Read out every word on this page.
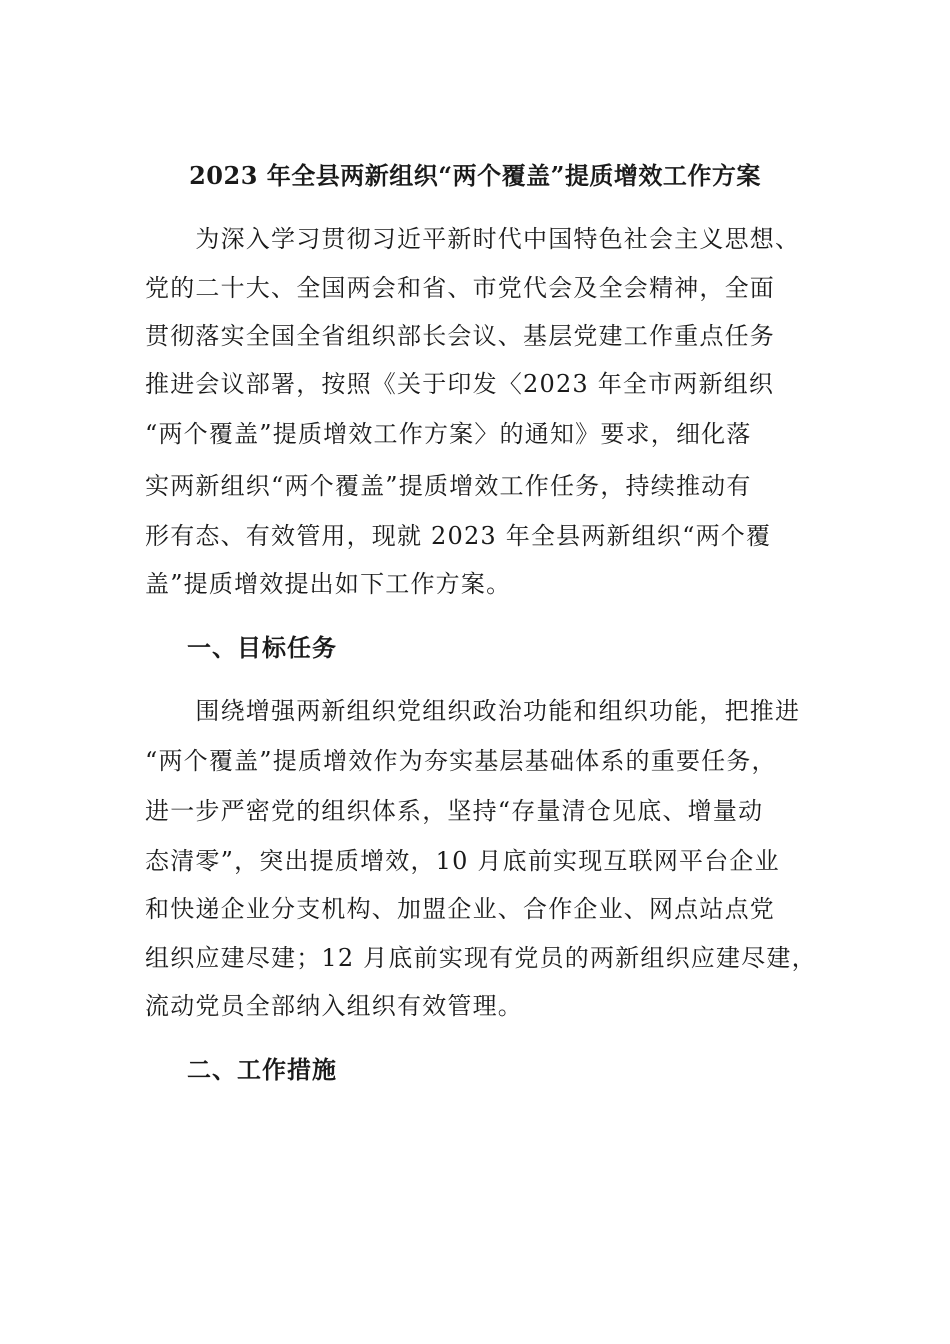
2023 年全县两新组织“两个覆盖”提质增效工作方案
　　为深入学习贯彻习近平新时代中国特色社会主义思想、
党的二十大、全国两会和省、市党代会及全会精神，全面
贯彻落实全国全省组织部长会议、基层党建工作重点任务
推进会议部署，按照《关于印发〈2023 年全市两新组织
“两个覆盖”提质增效工作方案〉的通知》要求，细化落
实两新组织“两个覆盖”提质增效工作任务，持续推动有
形有态、有效管用，现就 2023 年全县两新组织“两个覆
盖”提质增效提出如下工作方案。
一、目标任务
　　围绕增强两新组织党组织政治功能和组织功能，把推进
“两个覆盖”提质增效作为夯实基层基础体系的重要任务，
进一步严密党的组织体系，坚持“存量清仓见底、增量动
态清零”，突出提质增效，10 月底前实现互联网平台企业
和快递企业分支机构、加盟企业、合作企业、网点站点党
组织应建尽建；12 月底前实现有党员的两新组织应建尽建，
流动党员全部纳入组织有效管理。
二、工作措施
